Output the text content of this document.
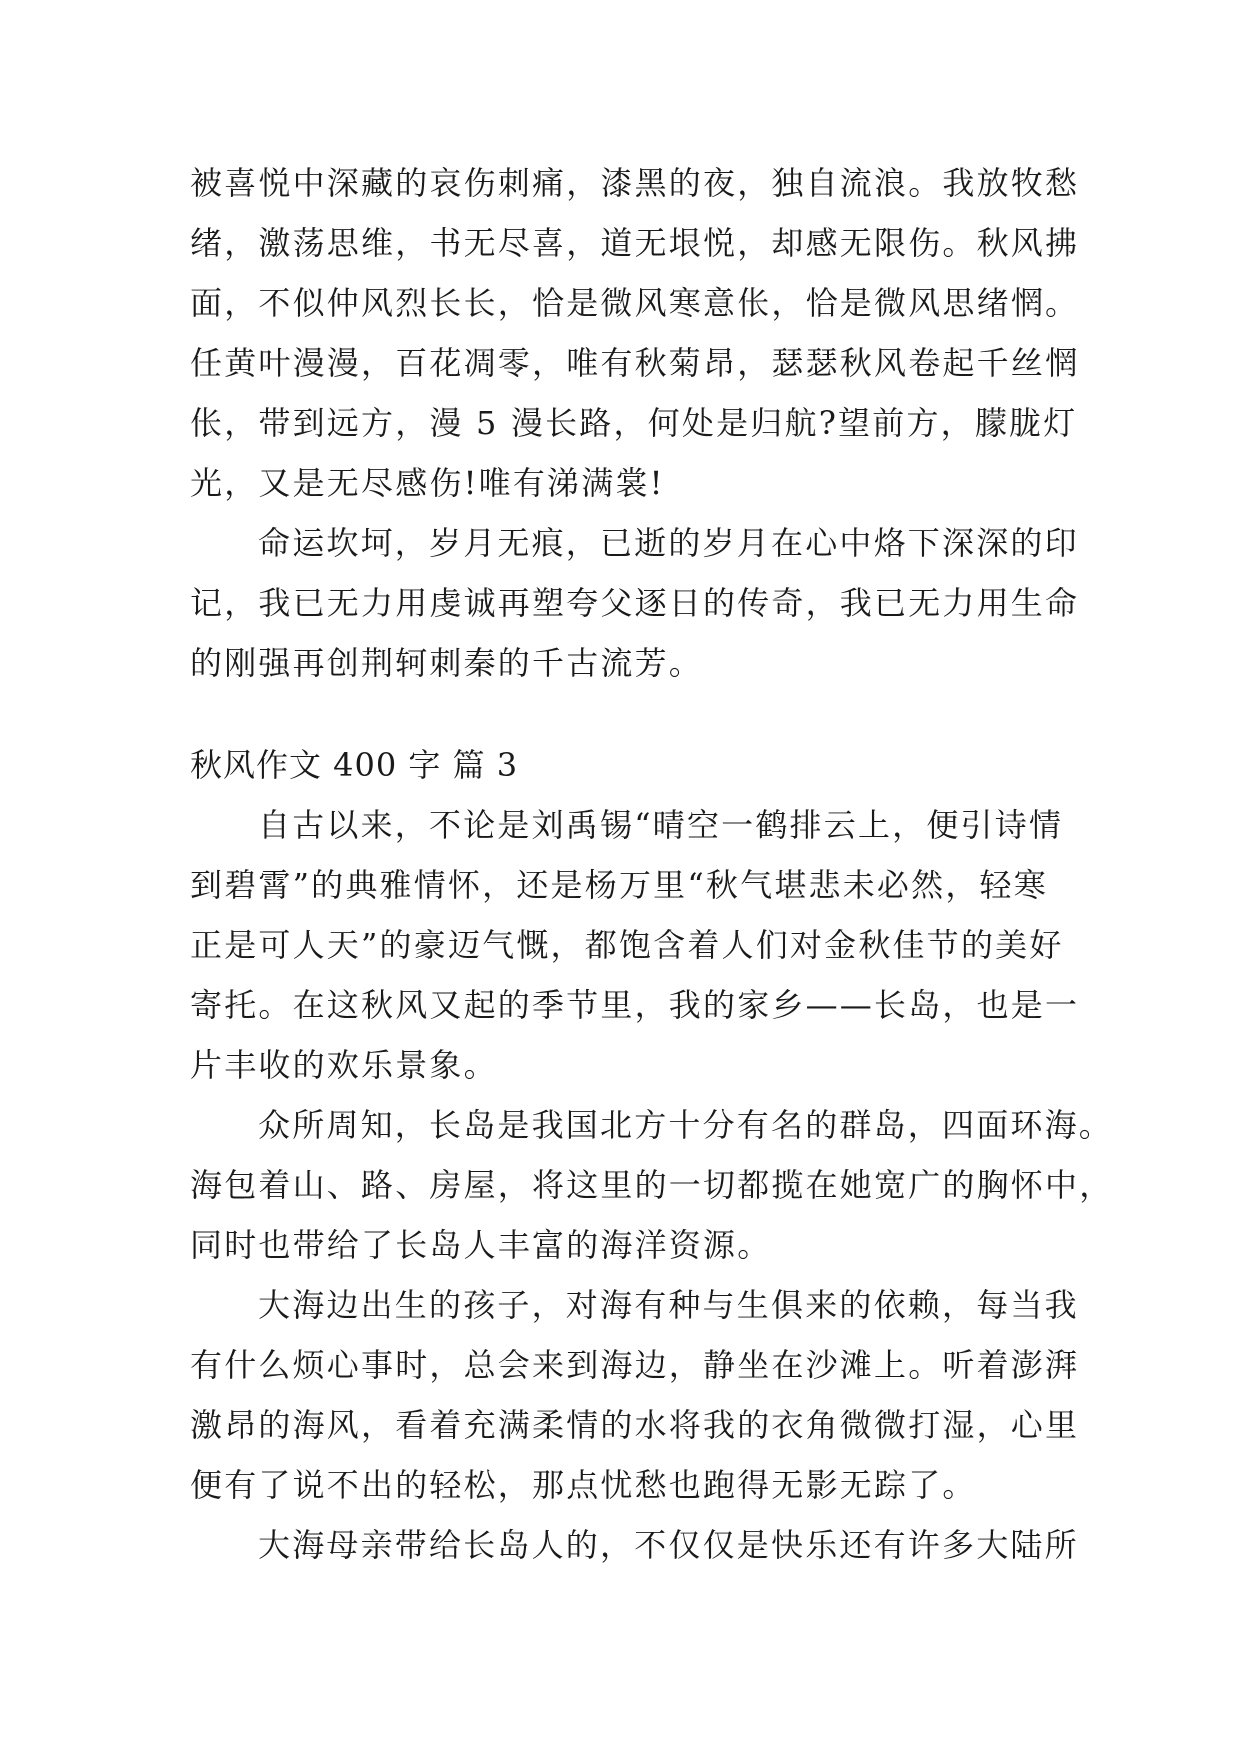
被喜悦中深藏的哀伤刺痛，漆黑的夜，独自流浪。我放牧愁
绪，激荡思维，书无尽喜，道无垠悦，却感无限伤。秋风拂
面，不似仲风烈长长，恰是微风寒意伥，恰是微风思绪惘。
任黄叶漫漫，百花凋零，唯有秋菊昂，瑟瑟秋风卷起千丝惘
伥，带到远方，漫 5 漫长路，何处是归航?望前方，朦胧灯
光，又是无尽感伤!唯有涕满裳!
命运坎坷，岁月无痕，已逝的岁月在心中烙下深深的印
记，我已无力用虔诚再塑夸父逐日的传奇，我已无力用生命
的刚强再创荆轲刺秦的千古流芳。
秋风作文 400 字 篇 3
自古以来，不论是刘禹锡“晴空一鹤排云上，便引诗情
到碧霄”的典雅情怀，还是杨万里“秋气堪悲未必然，轻寒
正是可人天”的豪迈气慨，都饱含着人们对金秋佳节的美好
寄托。在这秋风又起的季节里，我的家乡——长岛，也是一
片丰收的欢乐景象。
众所周知，长岛是我国北方十分有名的群岛，四面环海。
海包着山、路、房屋，将这里的一切都揽在她宽广的胸怀中，
同时也带给了长岛人丰富的海洋资源。
大海边出生的孩子，对海有种与生俱来的依赖，每当我
有什么烦心事时，总会来到海边，静坐在沙滩上。听着澎湃
激昂的海风，看着充满柔情的水将我的衣角微微打湿，心里
便有了说不出的轻松，那点忧愁也跑得无影无踪了。
大海母亲带给长岛人的，不仅仅是快乐还有许多大陆所
